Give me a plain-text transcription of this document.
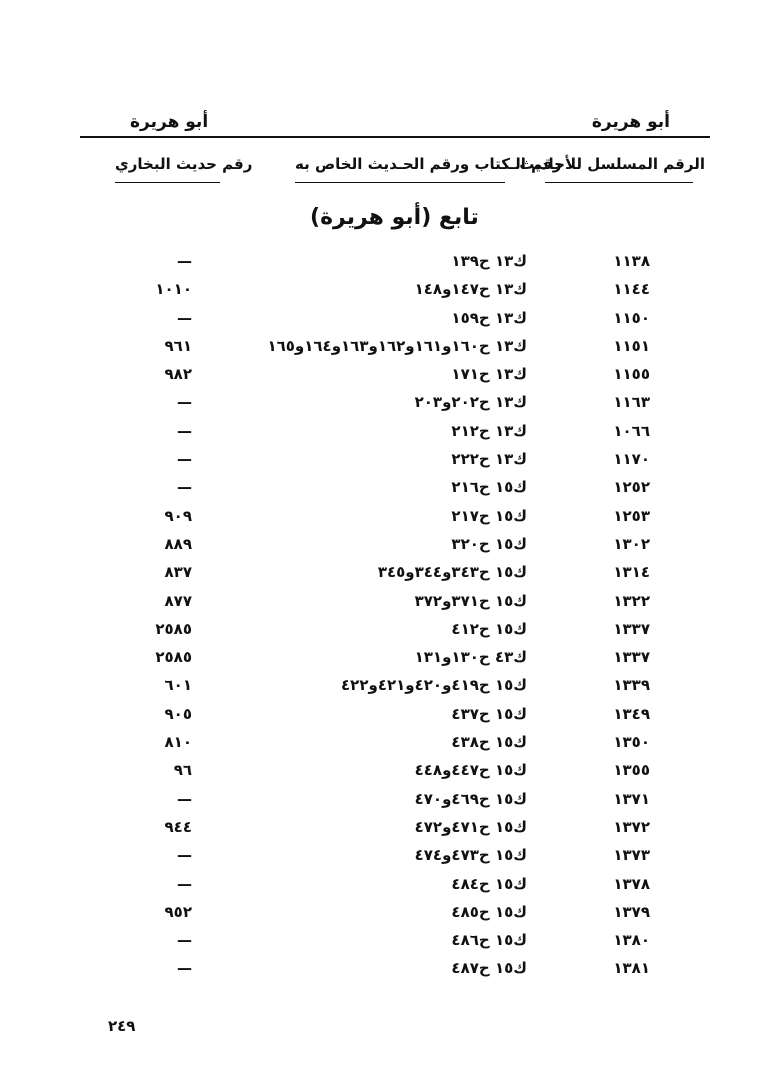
أبو هريرة
أبو هريرة
الرقم المسلسل للأحاديث
رقم الـكتاب ورقم الحـديث الخاص به
رقم حديث البخاري
(أبو هريرة) تابع
١١٣٨
ك١٣ ح١٣٩
—
١١٤٤
ك١٣ ح١٤٧و١٤٨
١٠١٠
١١٥٠
ك١٣ ح١٥٩
—
١١٥١
ك١٣ ح١٦٠و١٦١و١٦٢و١٦٣و١٦٤و١٦٥
٩٦١
١١٥٥
ك١٣ ح١٧١
٩٨٢
١١٦٣
ك١٣ ح٢٠٢و٢٠٣
—
١٠٦٦
ك١٣ ح٢١٢
—
١١٧٠
ك١٣ ح٢٢٢
—
١٢٥٢
ك١٥ ح٢١٦
—
١٢٥٣
ك١٥ ح٢١٧
٩٠٩
١٣٠٢
ك١٥ ح٣٢٠
٨٨٩
١٣١٤
ك١٥ ح٣٤٣و٣٤٤و٣٤٥
٨٣٧
١٣٢٢
ك١٥ ح٣٧١و٣٧٢
٨٧٧
١٣٣٧
ك١٥ ح٤١٢
٢٥٨٥
١٣٣٧
ك٤٣ ح١٣٠و١٣١
٢٥٨٥
١٣٣٩
ك١٥ ح٤١٩و٤٢٠و٤٢١و٤٢٢
٦٠١
١٣٤٩
ك١٥ ح٤٣٧
٩٠٥
١٣٥٠
ك١٥ ح٤٣٨
٨١٠
١٣٥٥
ك١٥ ح٤٤٧و٤٤٨
٩٦
١٣٧١
ك١٥ ح٤٦٩و٤٧٠
—
١٣٧٢
ك١٥ ح٤٧١و٤٧٢
٩٤٤
١٣٧٣
ك١٥ ح٤٧٣و٤٧٤
—
١٣٧٨
ك١٥ ح٤٨٤
—
١٣٧٩
ك١٥ ح٤٨٥
٩٥٢
١٣٨٠
ك١٥ ح٤٨٦
—
١٣٨١
ك١٥ ح٤٨٧
—
٢٤٩
